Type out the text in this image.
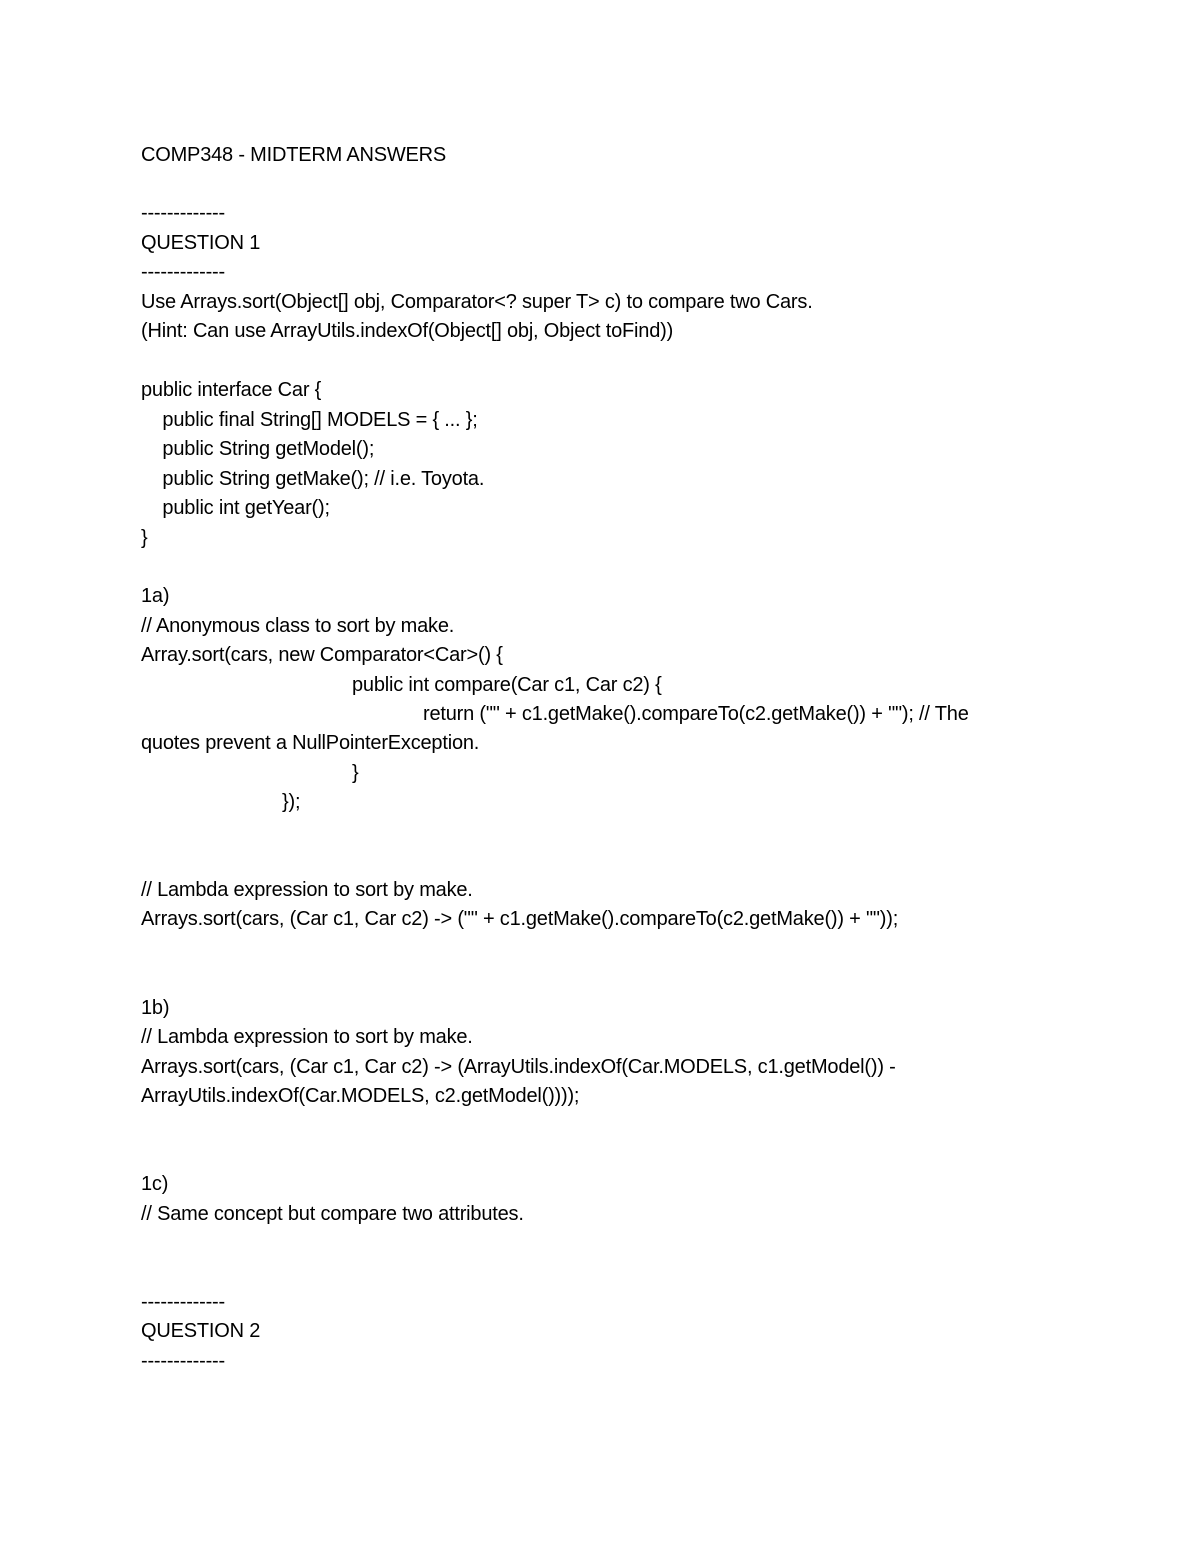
COMP348 - MIDTERM ANSWERS
-------------
QUESTION 1
-------------
Use Arrays.sort(Object[] obj, Comparator<? super T> c) to compare two Cars.
(Hint: Can use ArrayUtils.indexOf(Object[] obj, Object toFind))
public interface Car {
public final String[] MODELS = { ... };
public String getModel();
public String getMake(); // i.e. Toyota.
public int getYear();
}
1a)
// Anonymous class to sort by make.
Array.sort(cars, new Comparator<Car>() {
public int compare(Car c1, Car c2) {
return ("" + c1.getMake().compareTo(c2.getMake()) + ""); // The
quotes prevent a NullPointerException.
}
});
// Lambda expression to sort by make.
Arrays.sort(cars, (Car c1, Car c2) -> ("" + c1.getMake().compareTo(c2.getMake()) + ""));
1b)
// Lambda expression to sort by make.
Arrays.sort(cars, (Car c1, Car c2) -> (ArrayUtils.indexOf(Car.MODELS, c1.getModel()) -
ArrayUtils.indexOf(Car.MODELS, c2.getModel())));
1c)
// Same concept but compare two attributes.
-------------
QUESTION 2
-------------
